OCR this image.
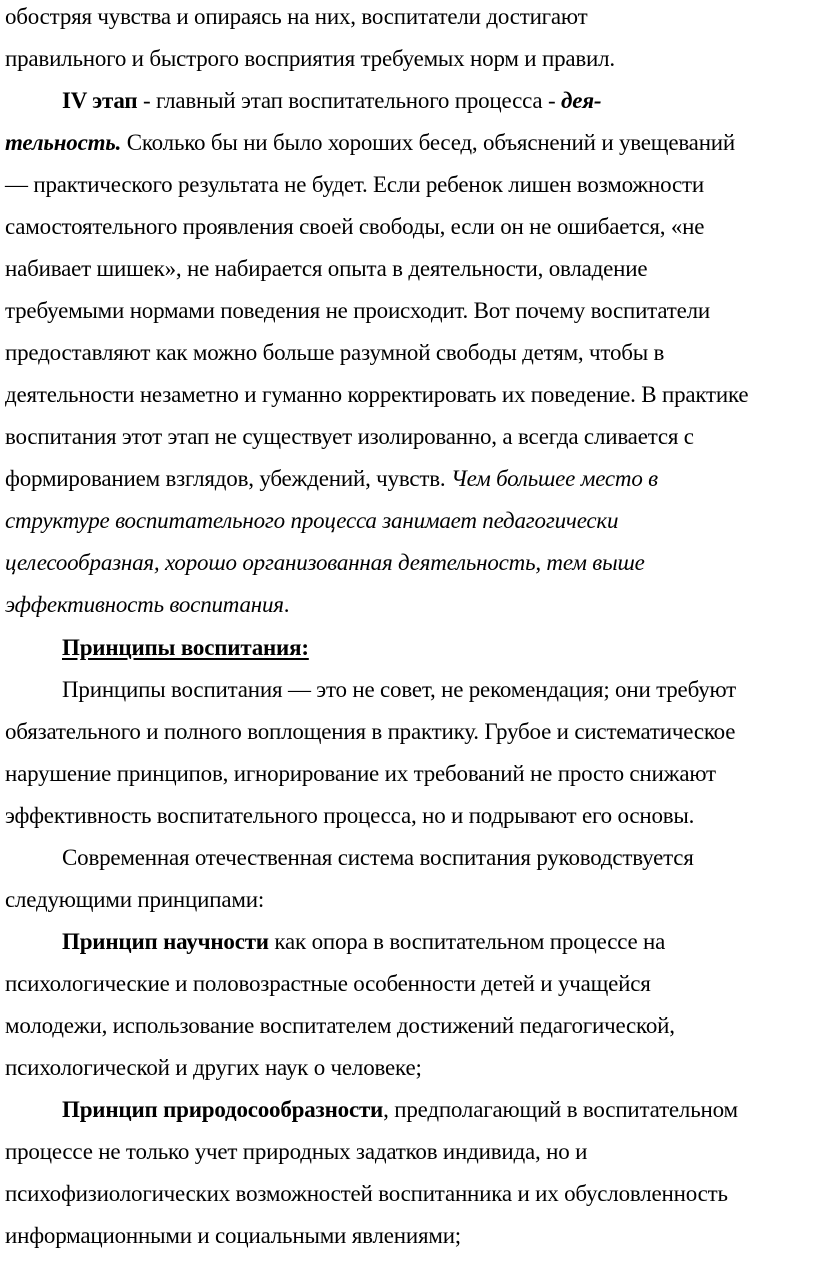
обостряя чувства и опираясь на них, воспитатели достигают
правильного и быстрого восприятия требуемых норм и правил.
IV этап - главный этап воспитательного процесса - дея-
тельность. Сколько бы ни было хороших бесед, объяснений и увещеваний
— практического результата не будет. Если ребенок лишен возможности
самостоятельного проявления своей свободы, если он не ошибается, «не
набивает шишек», не набирается опыта в деятельности, овладение
требуемыми нормами поведения не происходит. Вот почему воспитатели
предоставляют как можно больше разумной свободы детям, чтобы в
деятельности незаметно и гуманно корректировать их поведение. В практике
воспитания этот этап не существует изолированно, а всегда сливается с
формированием взглядов, убеждений, чувств. Чем большее место в
структуре воспитательного процесса занимает педагогически
целесообразная, хорошо организованная деятельность, тем выше
эффективность воспитания.
Принципы воспитания:
Принципы воспитания — это не совет, не рекомендация; они требуют
обязательного и полного воплощения в практику. Грубое и систематическое
нарушение принципов, игнорирование их требований не просто снижают
эффективность воспитательного процесса, но и подрывают его основы.
Современная отечественная система воспитания руководствуется
следующими принципами:
Принцип научности как опора в воспитательном процессе на
психологические и половозрастные особенности детей и учащейся
молодежи, использование воспитателем достижений педагогической,
психологической и других наук о человеке;
Принцип природосообразности, предполагающий в воспитательном
процессе не только учет природных задатков индивида, но и
психофизиологических возможностей воспитанника и их обусловленность
информационными и социальными явлениями;
